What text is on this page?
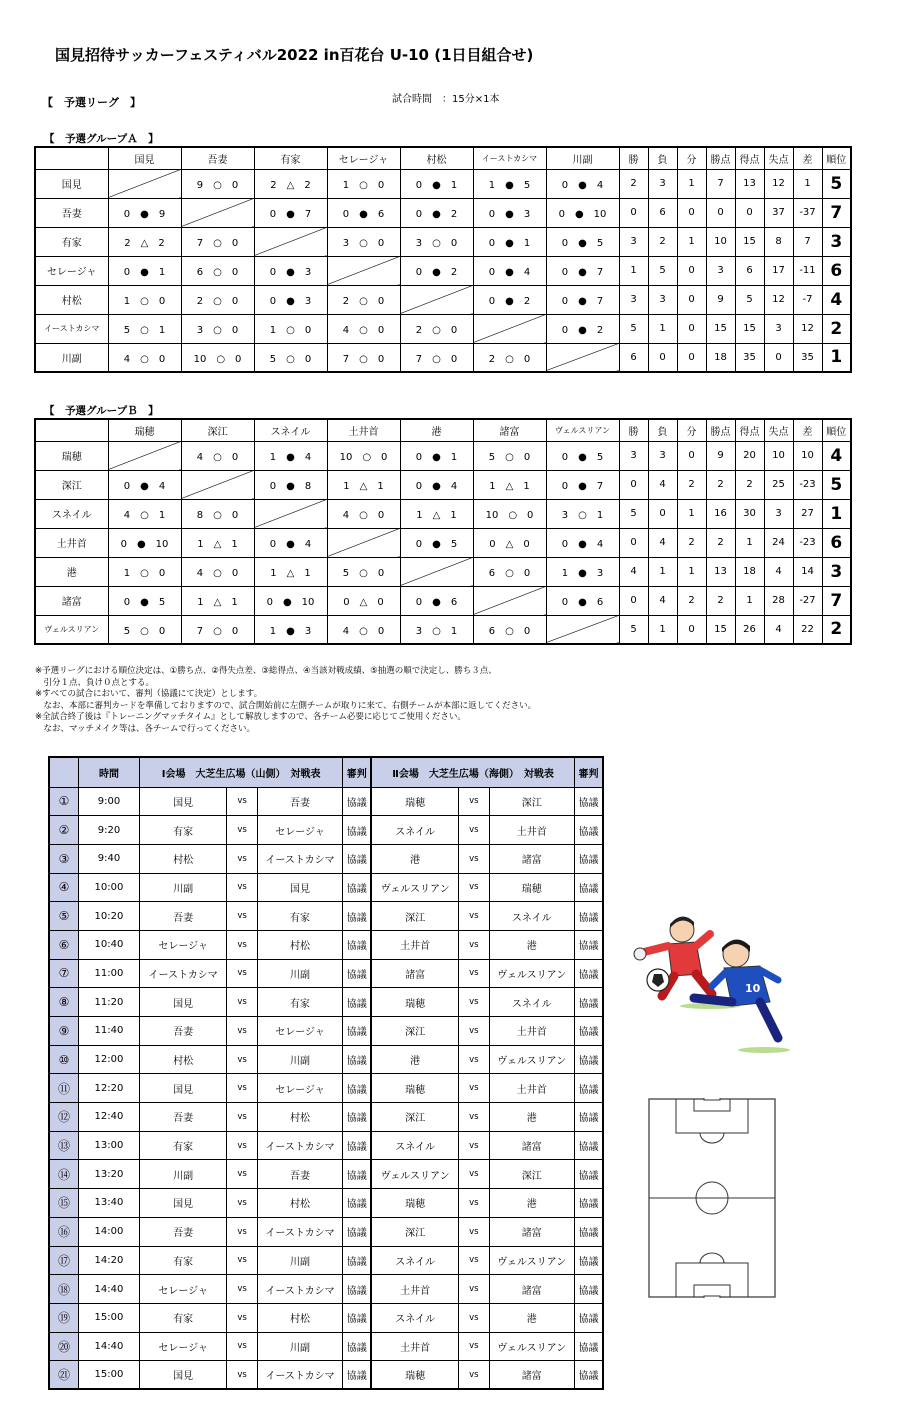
国見招待サッカーフェスティバル2022 in百花台 U-10 (1日目組合せ)
【　予選リーグ　】	試合時間　：15分×1本
【　予選グループＡ　】
	国見	吾妻	有家	セレージャ	村松	イーストカシマ	川副	勝	負	分	勝点	得点	失点	差	順位
国見		9　○　0	2　△　2	1　○　0	0　●　1	1　●　5	0　●　4	2	3	1	7	13	12	1	5
吾妻	0　●　9		0　●　7	0　●　6	0　●　2	0　●　3	0　●　10	0	6	0	0	0	37	-37	7
有家	2　△　2	7　○　0		3　○　0	3　○　0	0　●　1	0　●　5	3	2	1	10	15	8	7	3
セレージャ	0　●　1	6　○　0	0　●　3		0　●　2	0　●　4	0　●　7	1	5	0	3	6	17	-11	6
村松	1　○　0	2　○　0	0　●　3	2　○　0		0　●　2	0　●　7	3	3	0	9	5	12	-7	4
イーストカシマ	5　○　1	3　○　0	1　○　0	4　○　0	2　○　0		0　●　2	5	1	0	15	15	3	12	2
川副	4　○　0	10　○　0	5　○　0	7　○　0	7　○　0	2　○　0		6	0	0	18	35	0	35	1
【　予選グループＢ　】
	瑞穂	深江	スネイル	土井首	港	諸富	ヴェルスリアン	勝	負	分	勝点	得点	失点	差	順位
瑞穂		4　○　0	1　●　4	10　○　0	0　●　1	5　○　0	0　●　5	3	3	0	9	20	10	10	4
深江	0　●　4		0　●　8	1　△　1	0　●　4	1　△　1	0　●　7	0	4	2	2	2	25	-23	5
スネイル	4　○　1	8　○　0		4　○　0	1　△　1	10　○　0	3　○　1	5	0	1	16	30	3	27	1
土井首	0　●　10	1　△　1	0　●　4		0　●　5	0　△　0	0　●　4	0	4	2	2	1	24	-23	6
港	1　○　0	4　○　0	1　△　1	5　○　0		6　○　0	1　●　3	4	1	1	13	18	4	14	3
諸富	0　●　5	1　△　1	0　●　10	0　△　0	0　●　6		0　●　6	0	4	2	2	1	28	-27	7
ヴェルスリアン	5　○　0	7　○　0	1　●　3	4　○　0	3　○　1	6　○　0		5	1	0	15	26	4	22	2
※予選リーグにおける順位決定は、①勝ち点、②得失点差、③総得点、④当該対戦成績、⑤抽選の順で決定し、勝ち３点、
　引分１点、負け０点とする。
※すべての試合において、審判（協議にて決定）とします。
　なお、本部に審判カードを準備しておりますので、試合開始前に左側チームが取りに来て、右側チームが本部に返してください。
※全試合終了後は『トレーニングマッチタイム』として解放しますので、各チーム必要に応じてご使用ください。
　なお、マッチメイク等は、各チームで行ってください。
	時間	Ⅰ会場　大芝生広場（山側）　対戦表			審判	Ⅱ会場　大芝生広場（海側）　対戦表			審判
①	9:00	国見	vs	吾妻	協議	瑞穂	vs	深江	協議
②	9:20	有家	vs	セレージャ	協議	スネイル	vs	土井首	協議
③	9:40	村松	vs	イーストカシマ	協議	港	vs	諸富	協議
④	10:00	川副	vs	国見	協議	ヴェルスリアン	vs	瑞穂	協議
⑤	10:20	吾妻	vs	有家	協議	深江	vs	スネイル	協議
⑥	10:40	セレージャ	vs	村松	協議	土井首	vs	港	協議
⑦	11:00	イーストカシマ	vs	川副	協議	諸富	vs	ヴェルスリアン	協議
⑧	11:20	国見	vs	有家	協議	瑞穂	vs	スネイル	協議
⑨	11:40	吾妻	vs	セレージャ	協議	深江	vs	土井首	協議
⑩	12:00	村松	vs	川副	協議	港	vs	ヴェルスリアン	協議
⑪	12:20	国見	vs	セレージャ	協議	瑞穂	vs	土井首	協議
⑫	12:40	吾妻	vs	村松	協議	深江	vs	港	協議
⑬	13:00	有家	vs	イーストカシマ	協議	スネイル	vs	諸富	協議
⑭	13:20	川副	vs	吾妻	協議	ヴェルスリアン	vs	深江	協議
⑮	13:40	国見	vs	村松	協議	瑞穂	vs	港	協議
⑯	14:00	吾妻	vs	イーストカシマ	協議	深江	vs	諸富	協議
⑰	14:20	有家	vs	川副	協議	スネイル	vs	ヴェルスリアン	協議
⑱	14:40	セレージャ	vs	イーストカシマ	協議	土井首	vs	諸富	協議
⑲	15:00	有家	vs	村松	協議	スネイル	vs	港	協議
⑳	14:40	セレージャ	vs	川副	協議	土井首	vs	ヴェルスリアン	協議
㉑	15:00	国見	vs	イーストカシマ	協議	瑞穂	vs	諸富	協議
10
